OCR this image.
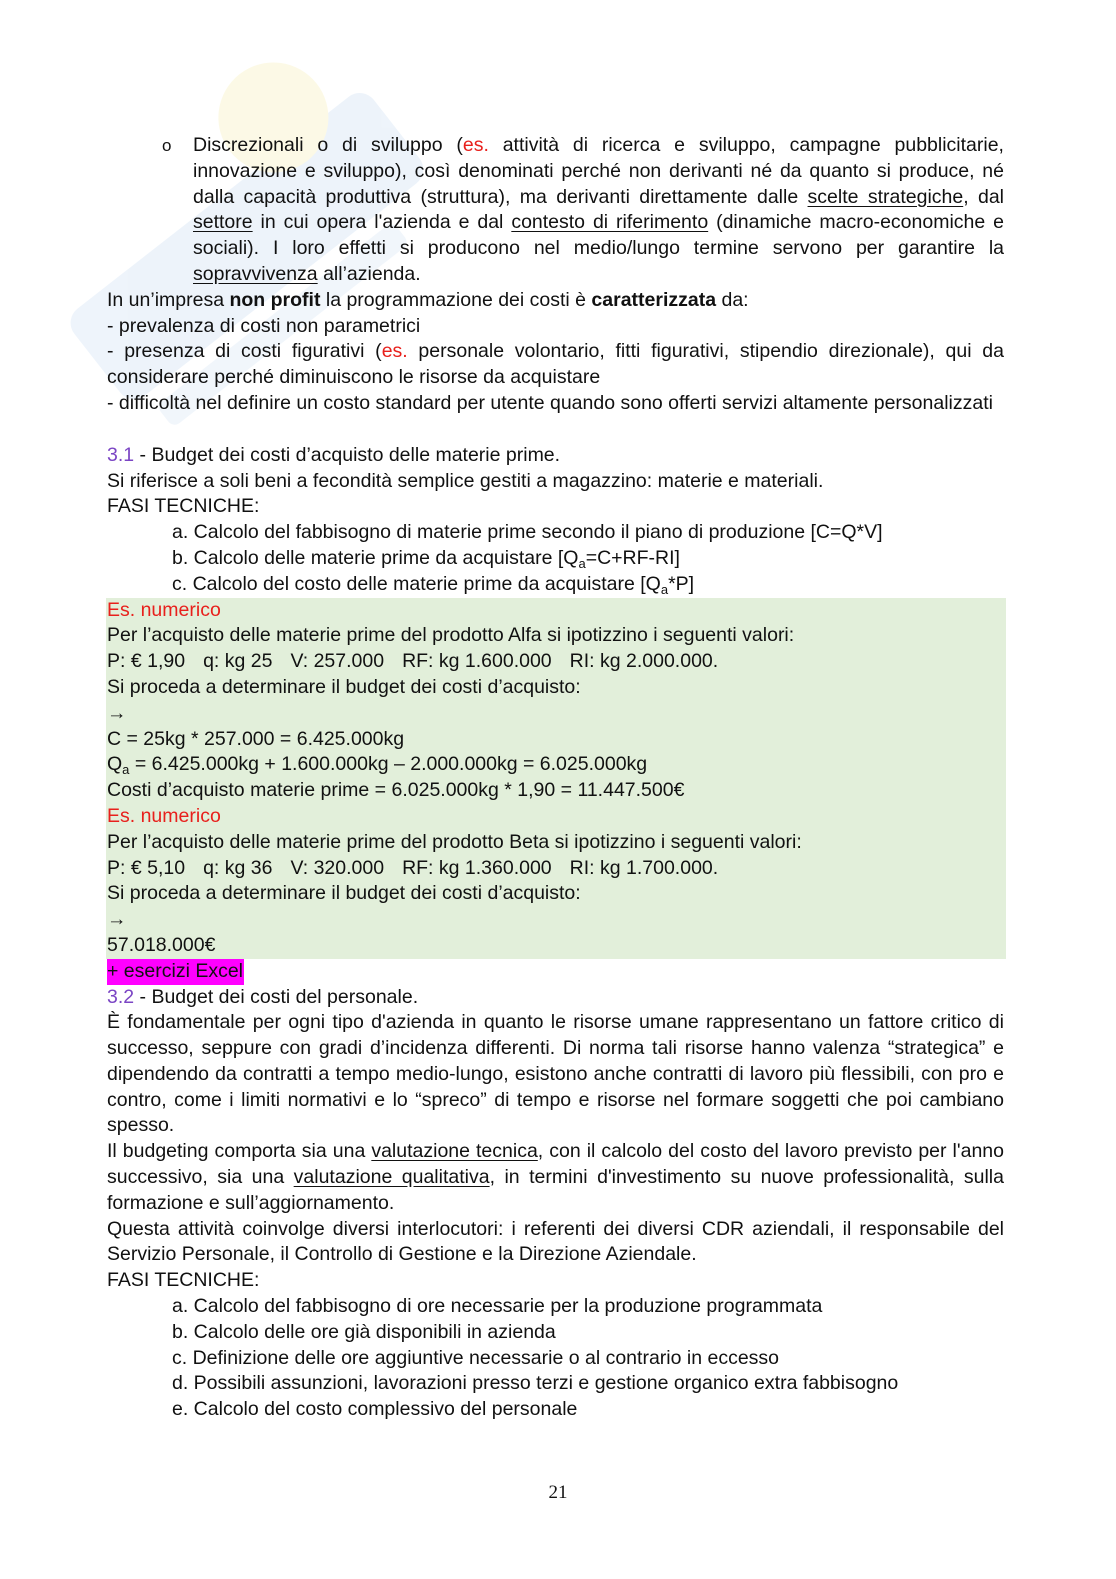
o Discrezionali o di sviluppo (es. attività di ricerca e sviluppo, campagne pubblicitarie, innovazione e sviluppo), così denominati perché non derivanti né da quanto si produce, né dalla capacità produttiva (struttura), ma derivanti direttamente dalle scelte strategiche, dal settore in cui opera l'azienda e dal contesto di riferimento (dinamiche macro-economiche e sociali). I loro effetti si producono nel medio/lungo termine servono per garantire la sopravvivenza all’azienda.

In un’impresa non profit la programmazione dei costi è caratterizzata da:

- prevalenza di costi non parametrici

- presenza di costi figurativi (es. personale volontario, fitti figurativi, stipendio direzionale), qui da considerare perché diminuiscono le risorse da acquistare

- difficoltà nel definire un costo standard per utente quando sono offerti servizi altamente personalizzati

3.1 - Budget dei costi d’acquisto delle materie prime.

Si riferisce a soli beni a fecondità semplice gestiti a magazzino: materie e materiali.

FASI TECNICHE:

a. Calcolo del fabbisogno di materie prime secondo il piano di produzione [C=Q*V]
b. Calcolo delle materie prime da acquistare $[Q_a=C+RF-RI]$
c. Calcolo del costo delle materie prime da acquistare $[Q_a*P]$

Es. numerico

Per l’acquisto delle materie prime del prodotto Alfa si ipotizzino i seguenti valori:

P: € 1,90 q: kg 25 V: 257.000 RF: kg 1.600.000 RI: kg 2.000.000.

Si proceda a determinare il budget dei costi d’acquisto:

→

C = 25kg * 257.000 = 6.425.000kg

$Q_a = 6.425.000kg + 1.600.000kg - 2.000.000kg = 6.025.000kg$

Costi d’acquisto materie prime = 6.025.000kg * 1,90 = 11.447.500€

Es. numerico

Per l’acquisto delle materie prime del prodotto Beta si ipotizzino i seguenti valori:

P: € 5,10 q: kg 36 V: 320.000 RF: kg 1.360.000 RI: kg 1.700.000.

Si proceda a determinare il budget dei costi d’acquisto:

→

57.018.000€

+ esercizi Excel

3.2 - Budget dei costi del personale.

È fondamentale per ogni tipo d'azienda in quanto le risorse umane rappresentano un fattore critico di successo, seppure con gradi d’incidenza differenti. Di norma tali risorse hanno valenza “strategica” e dipendendo da contratti a tempo medio-lungo, esistono anche contratti di lavoro più flessibili, con pro e contro, come i limiti normativi e lo “spreco” di tempo e risorse nel formare soggetti che poi cambiano spesso.

Il budgeting comporta sia una valutazione tecnica, con il calcolo del costo del lavoro previsto per l'anno successivo, sia una valutazione qualitativa, in termini d'investimento su nuove professionalità, sulla formazione e sull’aggiornamento.

Questa attività coinvolge diversi interlocutori: i referenti dei diversi CDR aziendali, il responsabile del Servizio Personale, il Controllo di Gestione e la Direzione Aziendale.

FASI TECNICHE:

a. Calcolo del fabbisogno di ore necessarie per la produzione programmata
b. Calcolo delle ore già disponibili in azienda
c. Definizione delle ore aggiuntive necessarie o al contrario in eccesso
d. Possibili assunzioni, lavorazioni presso terzi e gestione organico extra fabbisogno
e. Calcolo del costo complessivo del personale
21
